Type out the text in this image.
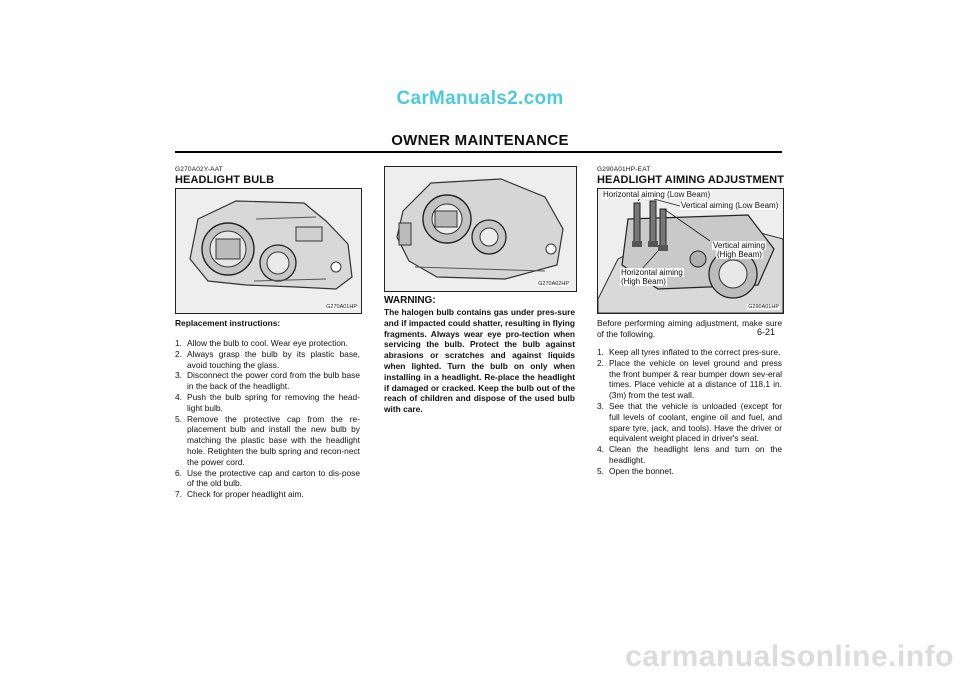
CarManuals2.com
OWNER MAINTENANCE
G270A02Y-AAT
HEADLIGHT BULB
G270A01HP
Replacement instructions:
1. Allow the bulb to cool. Wear eye protection.
2. Always grasp the bulb by its plastic base, avoid touching the glass.
3. Disconnect the power cord from the bulb base in the back of the headlight.
4. Push the bulb spring for removing the head-light bulb.
5. Remove the protective cap from the re-placement bulb and install the new bulb by matching the plastic base with the headlight hole. Retighten the bulb spring and recon-nect the power cord.
6. Use the protective cap and carton to dis-pose of the old bulb.
7. Check for proper headlight aim.
G270A02HP
WARNING:
The halogen bulb contains gas under pres-sure and if impacted could shatter, resulting in flying fragments. Always wear eye pro-tection when servicing the bulb. Protect the bulb against abrasions or scratches and against liquids when lighted. Turn the bulb on only when installing in a headlight. Re-place the headlight if damaged or cracked. Keep the bulb out of the reach of children and dispose of the used bulb with care.
G290A01HP-EAT
HEADLIGHT AIMING ADJUSTMENT
Horizontal aiming (Low Beam)
Vertical aiming (Low Beam)
Vertical aiming
(High Beam)
Horizontal aiming
(High Beam)
G290A01HP
Before performing aiming adjustment, make sure of the following.
1. Keep all tyres inflated to the correct pres-sure.
2. Place the vehicle on level ground and press the front bumper & rear bumper down sev-eral times. Place vehicle at a distance of 118.1 in. (3m) from the test wall.
3. See that the vehicle is unloaded (except for full levels of coolant, engine oil and fuel, and spare tyre, jack, and tools). Have the driver or equivalent weight placed in driver's seat.
4. Clean the headlight lens and turn on the headlight.
5. Open the bonnet.
6-21
carmanualsonline.info
